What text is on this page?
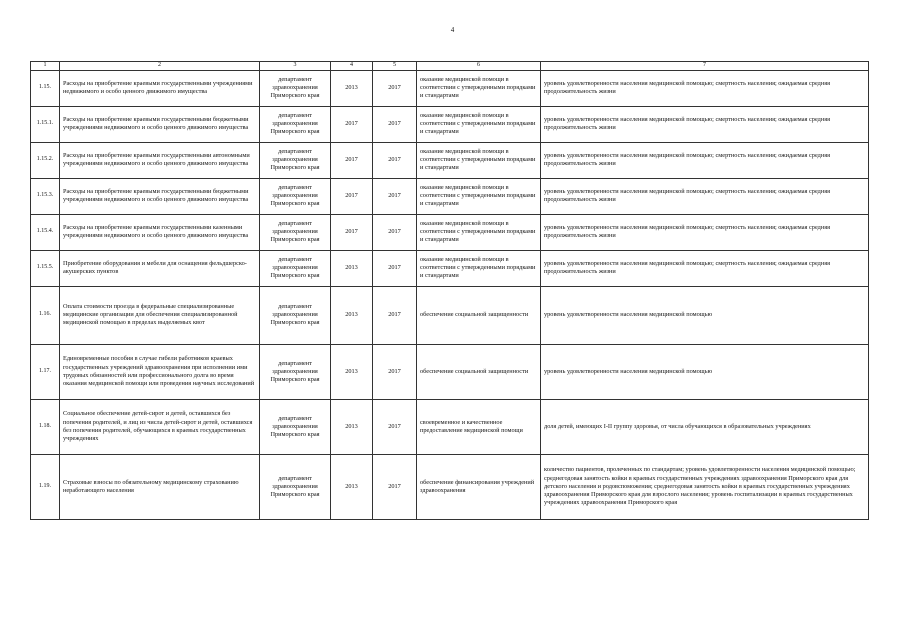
4
1	2	3	4	5	6	7
1.15.	Расходы на приобретение краевыми государственными учреждениями недвижимого и особо ценного движимого имущества	департамент здравоохранения Приморского края	2013	2017	оказание медицинской помощи в соответствии с утвержденными порядками и стандартами	уровень удовлетворенности населения медицинской помощью; смертность населения; ожидаемая средняя продолжительность жизни
1.15.1.	Расходы на приобретение краевыми государственными бюджетными учреждениями недвижимого и особо ценного движимого имущества	департамент здравоохранения Приморского края	2017	2017	оказание медицинской помощи в соответствии с утвержденными порядками и стандартами	уровень удовлетворенности населения медицинской помощью; смертность населения; ожидаемая средняя продолжительность жизни
1.15.2.	Расходы на приобретение краевыми государственными автономными учреждениями недвижимого и особо ценного движимого имущества	департамент здравоохранения Приморского края	2017	2017	оказание медицинской помощи в соответствии с утвержденными порядками и стандартами	уровень удовлетворенности населения медицинской помощью; смертность населения; ожидаемая средняя продолжительность жизни
1.15.3.	Расходы на приобретение краевыми государственными бюджетными учреждениями недвижимого и особо ценного движимого имущества	департамент здравоохранения Приморского края	2017	2017	оказание медицинской помощи в соответствии с утвержденными порядками и стандартами	уровень удовлетворенности населения медицинской помощью; смертность населения; ожидаемая средняя продолжительность жизни
1.15.4.	Расходы на приобретение краевыми государственными казенными учреждениями недвижимого и особо ценного движимого имущества	департамент здравоохранения Приморского края	2017	2017	оказание медицинской помощи в соответствии с утвержденными порядками и стандартами	уровень удовлетворенности населения медицинской помощью; смертность населения; ожидаемая средняя продолжительность жизни
1.15.5.	Приобретение оборудования и мебели для оснащения фельдшерско-акушерских пунктов	департамент здравоохранения Приморского края	2013	2017	оказание медицинской помощи в соответствии с утвержденными порядками и стандартами	уровень удовлетворенности населения медицинской помощью; смертность населения; ожидаемая средняя продолжительность жизни
1.16.	Оплата стоимости проезда в федеральные специализированные медицинские организации для обеспечения специализированной медицинской помощью в пределах выделяемых квот	департамент здравоохранения Приморского края	2013	2017	обеспечение социальной защищенности	уровень удовлетворенности населения медицинской помощью
1.17.	Единовременные пособия в случае гибели работников краевых государственных учреждений здравоохранения при исполнении ими трудовых обязанностей или профессионального долга во время оказания медицинской помощи или проведения научных исследований	департамент здравоохранения Приморского края	2013	2017	обеспечение социальной защищенности	уровень удовлетворенности населения медицинской помощью
1.18.	Социальное обеспечение детей-сирот и детей, оставшихся без попечения родителей, и лиц из числа детей-сирот и детей, оставшихся без попечения родителей, обучающихся в краевых государственных учреждениях	департамент здравоохранения Приморского края	2013	2017	своевременное и качественное предоставление медицинской помощи	доля детей, имеющих I-II группу здоровья, от числа обучающихся в образовательных учреждениях
1.19.	Страховые взносы по обязательному медицинскому страхованию неработающего населения	департамент здравоохранения Приморского края	2013	2017	обеспечение финансирования учреждений здравоохранения	количество пациентов, пролеченных по стандартам; уровень удовлетворенности населения медицинской помощью; среднегодовая занятость койки в краевых государственных учреждениях здравоохранения Приморского края для детского населения и родовспоможения; среднегодовая занятость койки в краевых государственных учреждениях здравоохранения Приморского края для взрослого населения; уровень госпитализации в краевых государственных учреждениях здравоохранения Приморского края
